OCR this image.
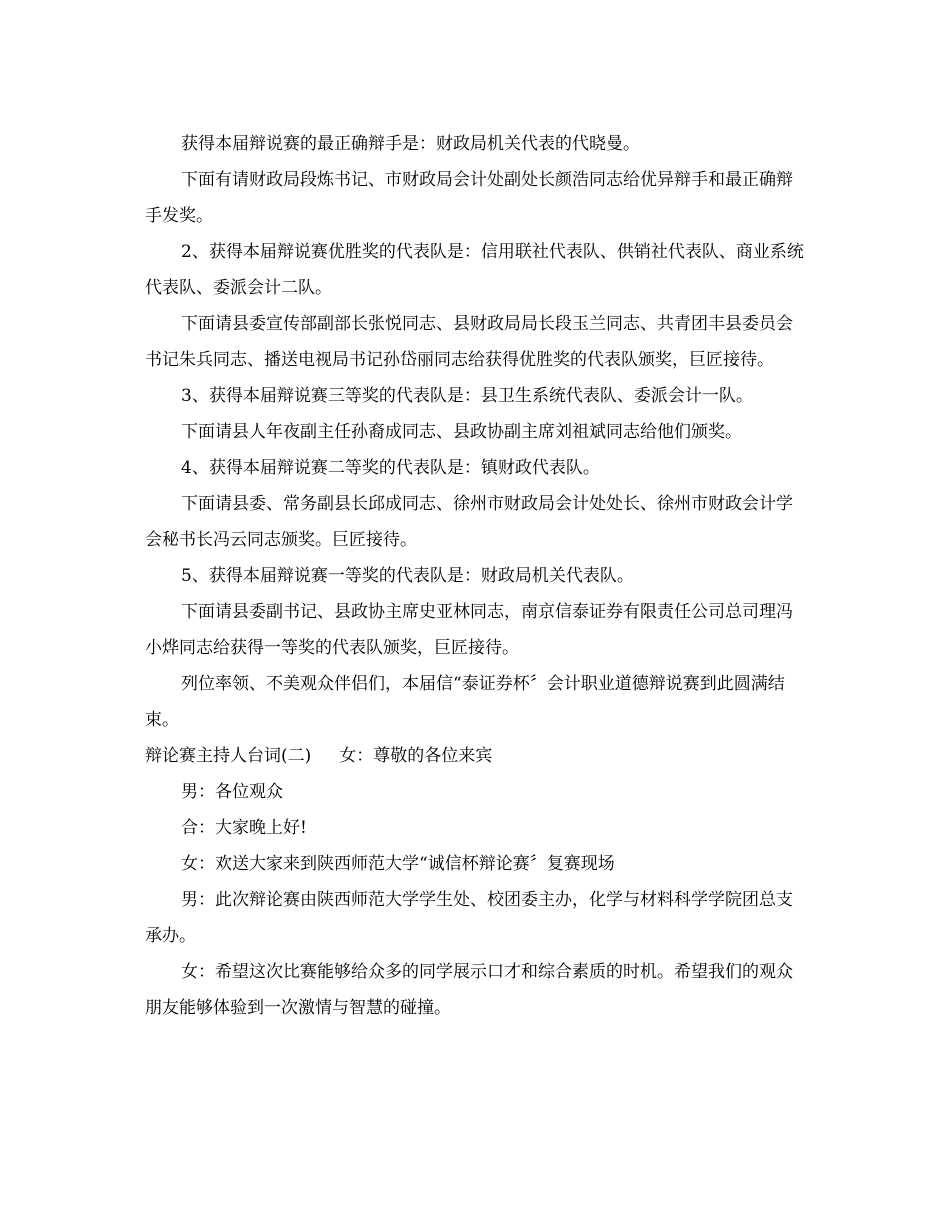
获得本届辩说赛的最正确辩手是：财政局机关代表的代晓曼。

下面有请财政局段炼书记、市财政局会计处副处长颜浩同志给优异辩手和最正确辩手发奖。

2、获得本届辩说赛优胜奖的代表队是：信用联社代表队、供销社代表队、商业系统代表队、委派会计二队。

下面请县委宣传部副部长张悦同志、县财政局局长段玉兰同志、共青团丰县委员会书记朱兵同志、播送电视局书记孙岱丽同志给获得优胜奖的代表队颁奖，巨匠接待。

3、获得本届辩说赛三等奖的代表队是：县卫生系统代表队、委派会计一队。

下面请县人年夜副主任孙裔成同志、县政协副主席刘祖斌同志给他们颁奖。

4、获得本届辩说赛二等奖的代表队是：镇财政代表队。

下面请县委、常务副县长邱成同志、徐州市财政局会计处处长、徐州市财政会计学会秘书长冯云同志颁奖。巨匠接待。

5、获得本届辩说赛一等奖的代表队是：财政局机关代表队。

下面请县委副书记、县政协主席史亚林同志，南京信泰证券有限责任公司总司理冯小烨同志给获得一等奖的代表队颁奖，巨匠接待。

列位率领、不美观众伴侣们，本届信“泰证券杯〞会计职业道德辩说赛到此圆满结束。

辩论赛主持人台词(二) 女：尊敬的各位来宾

男：各位观众

合：大家晚上好!

女：欢送大家来到陕西师范大学“诚信杯辩论赛〞复赛现场

男：此次辩论赛由陕西师范大学学生处、校团委主办，化学与材料科学学院团总支承办。

女：希望这次比赛能够给众多的同学展示口才和综合素质的时机。希望我们的观众朋友能够体验到一次激情与智慧的碰撞。
